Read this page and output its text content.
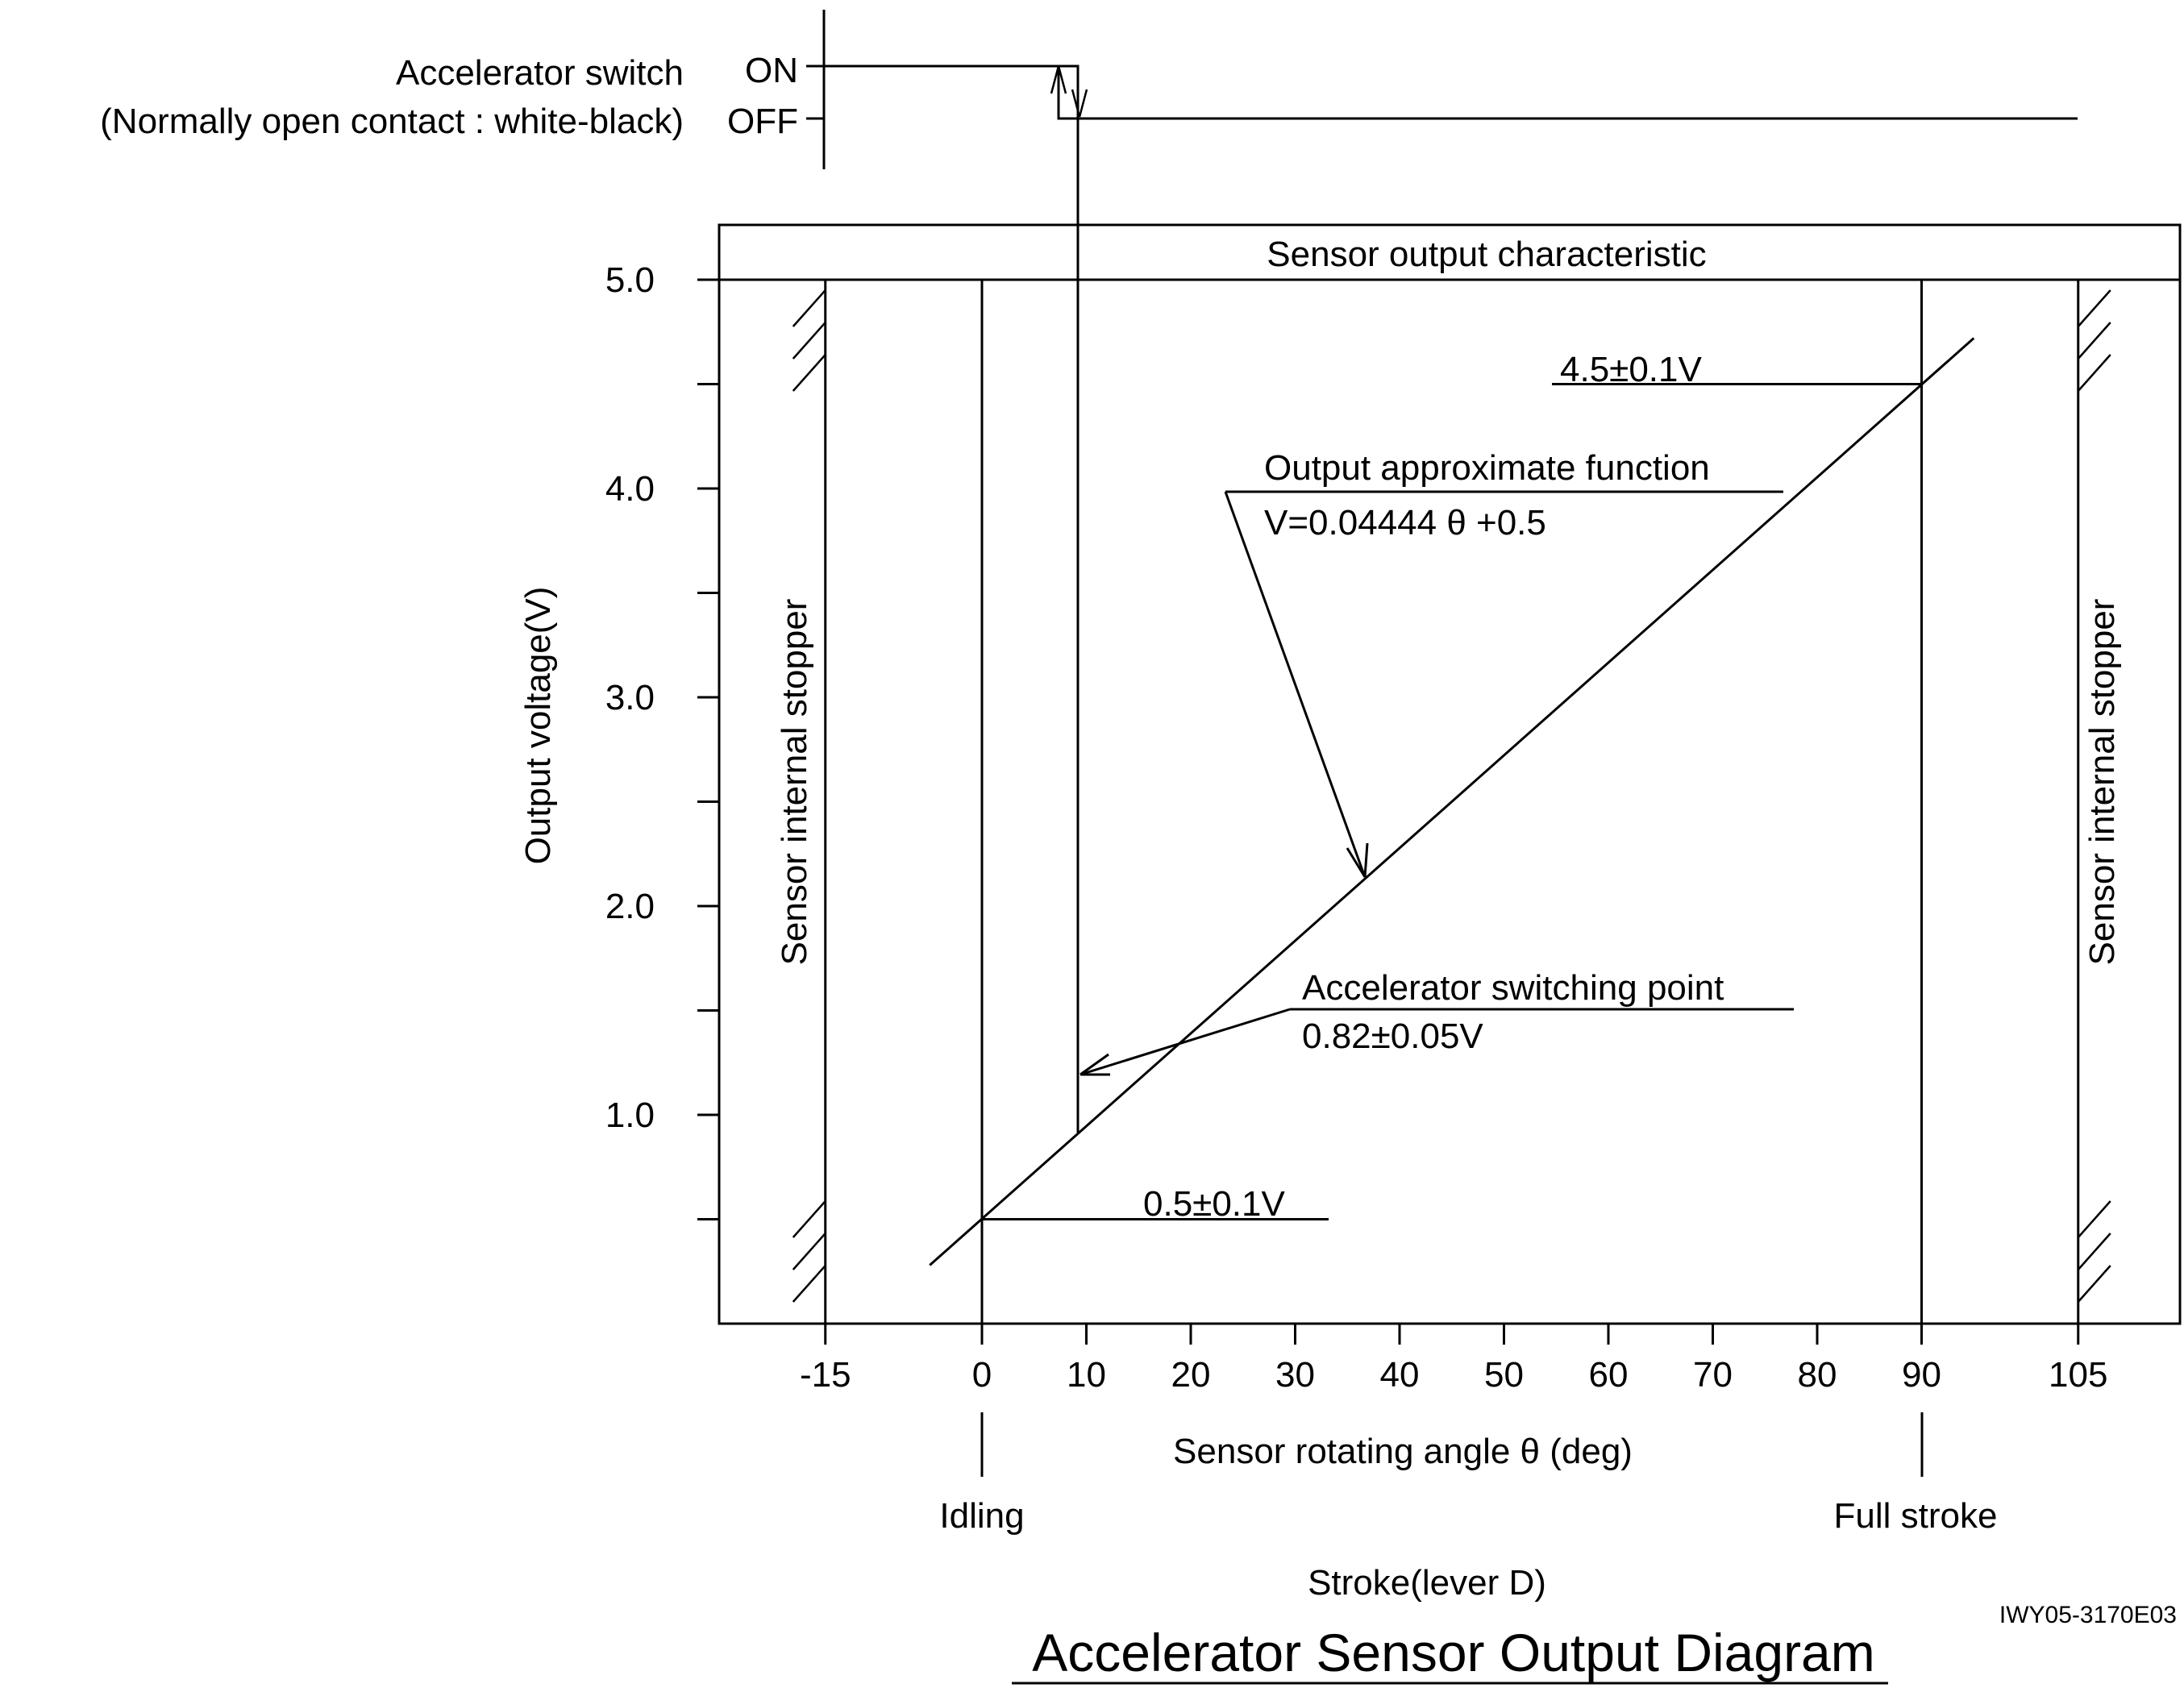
Accelerator switch
(Normally open contact : white-black)
ON
OFF
Sensor output characteristic
1.0
2.0
3.0
4.0
5.0
-15	0 10 20 30 40 50 60 70 80 90	105
Output voltage(V)
Sensor rotating angle θ (deg)
Sensor internal stopper	Sensor internal stopper
4.5±0.1V
Output approximate function
V=0.04444 θ +0.5
Accelerator switching point
0.82±0.05V
0.5±0.1V
Idling	Full stroke
Stroke(lever D)
IWY05-3170E03
Accelerator Sensor Output Diagram
